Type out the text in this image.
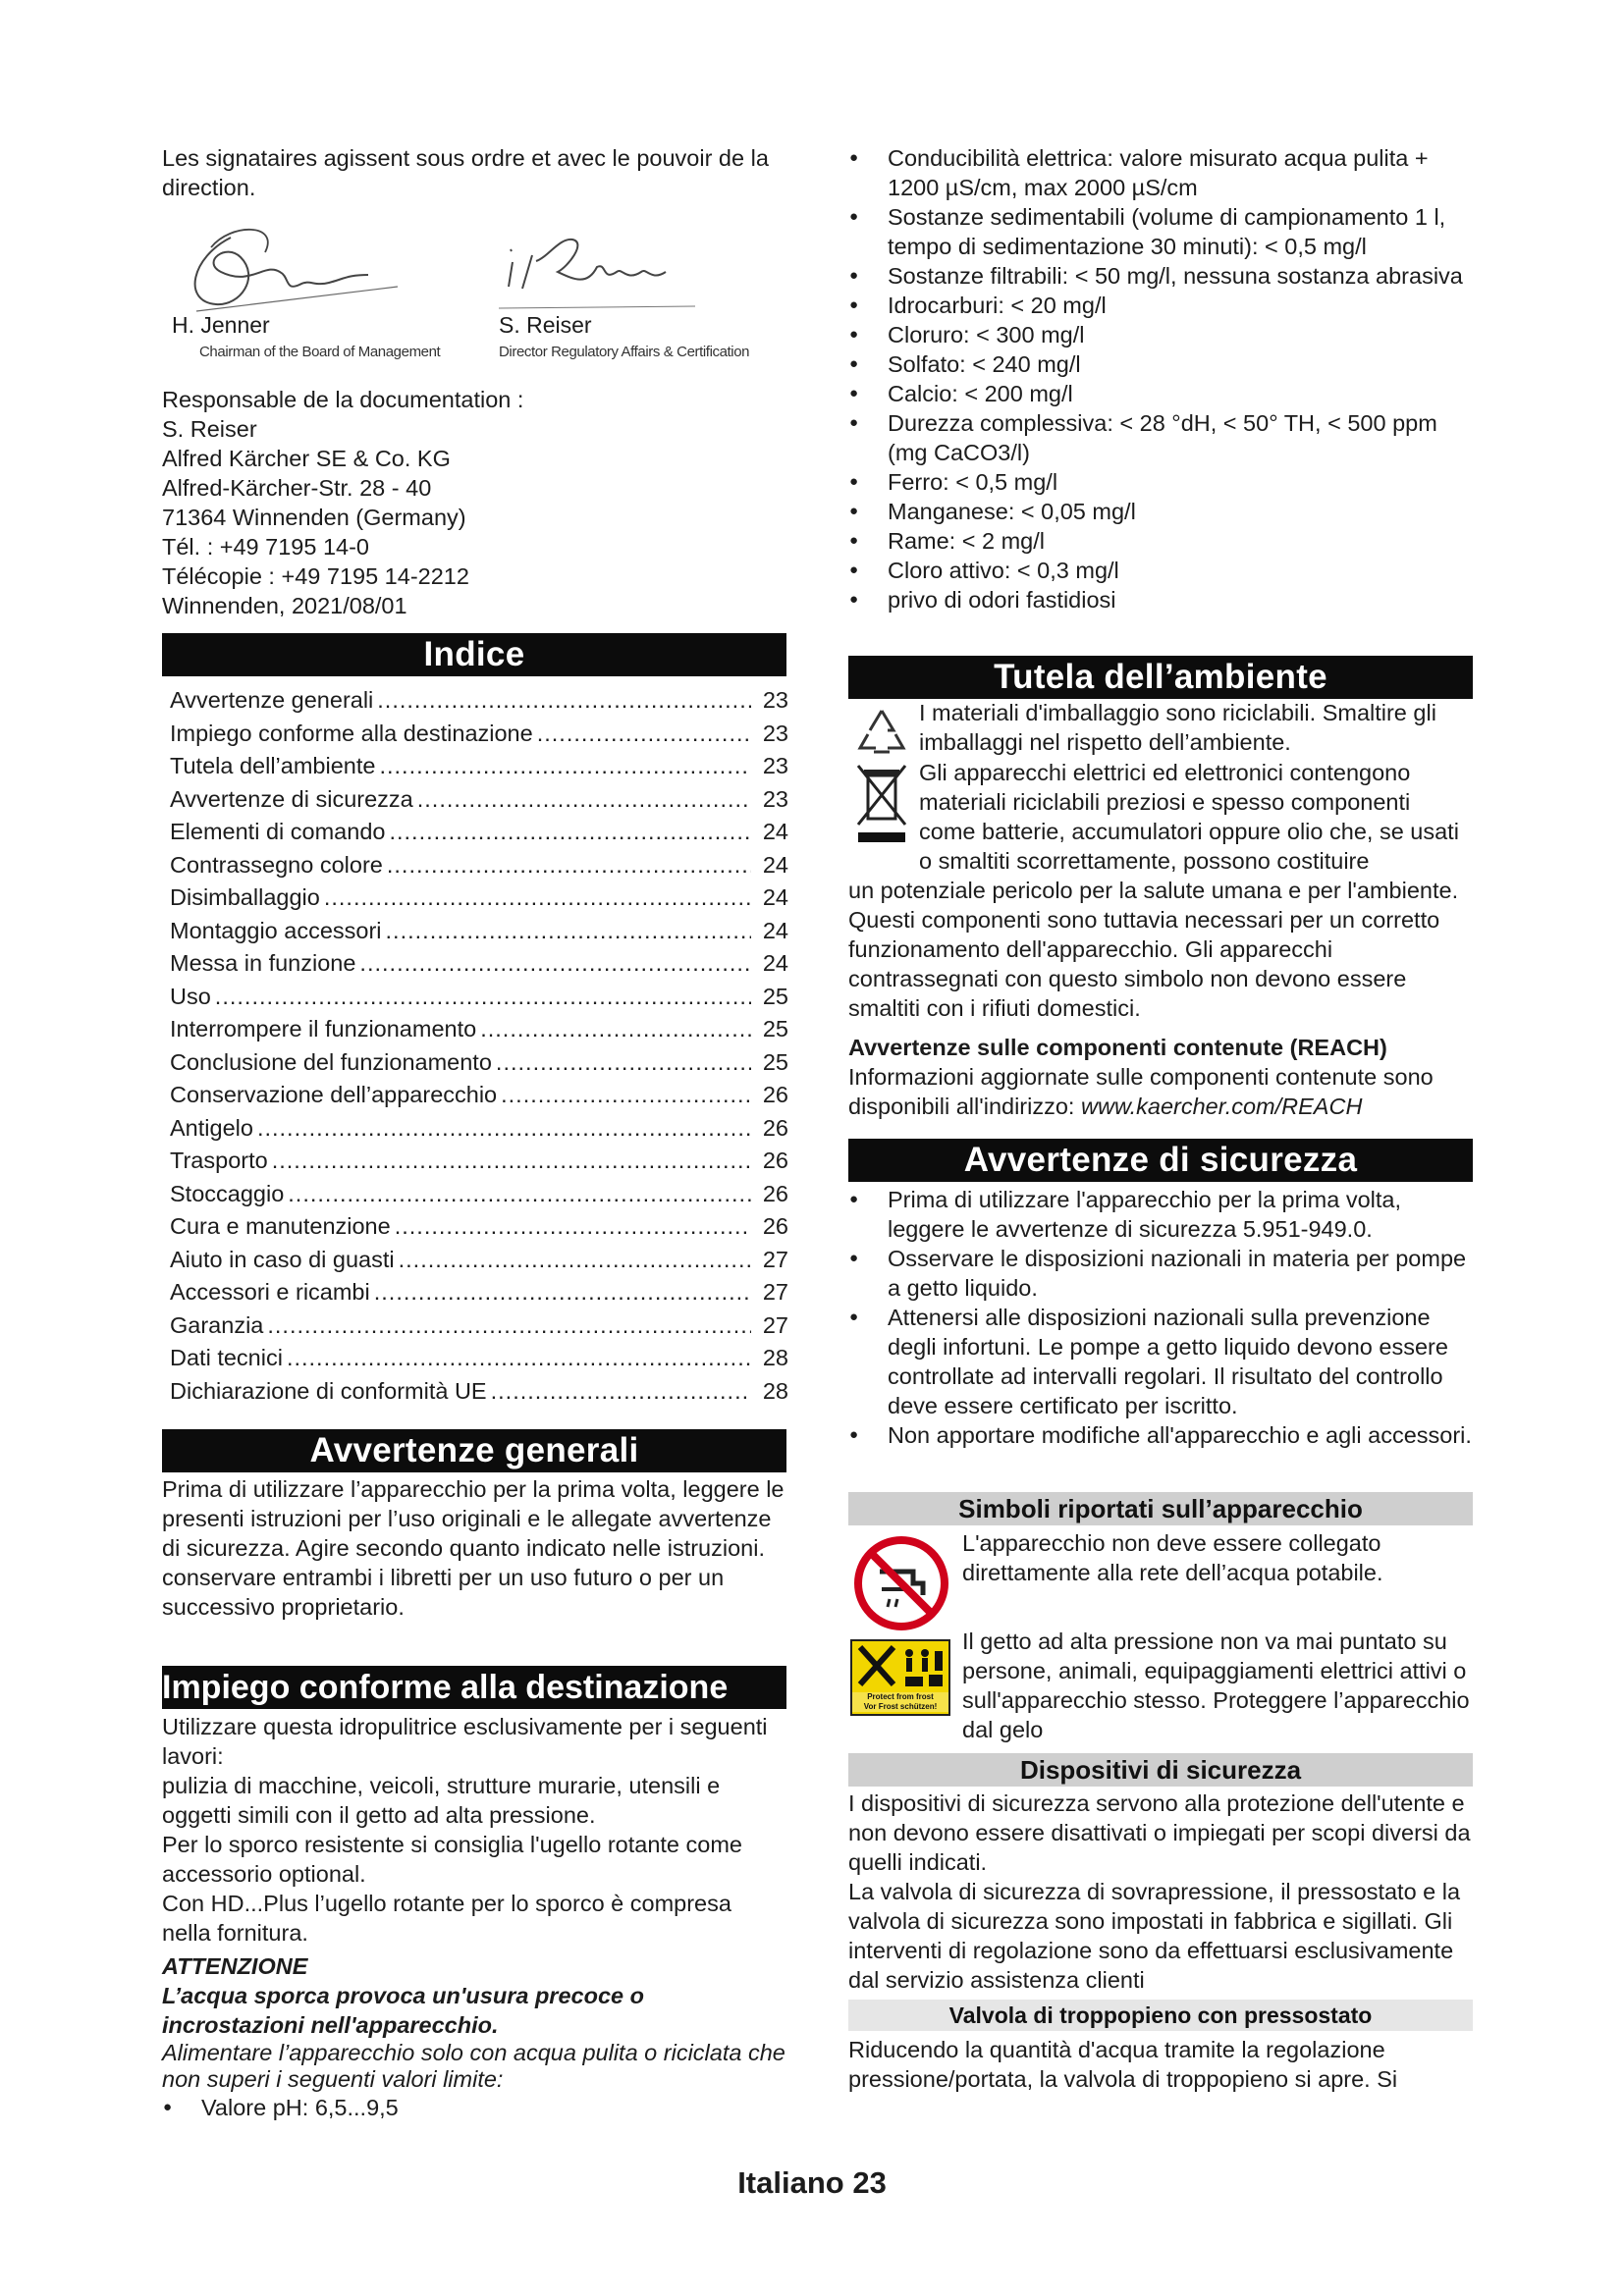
Les signataires agissent sous ordre et avec le pouvoir de la direction.

H. Jenner
Chairman of the Board of Management
S. Reiser
Director Regulatory Affairs & Certification

Responsable de la documentation :

S. Reiser

Alfred Kärcher SE & Co. KG

Alfred-Kärcher-Str. 28 - 40

71364 Winnenden (Germany)

Tél. : +49 7195 14-0

Télécopie : +49 7195 14-2212

Winnenden, 2021/08/01

Indice
Avvertenze generali .....	23
Impiego conforme alla destinazione .....	23
Tutela dell’ambiente .....	23
Avvertenze di sicurezza .....	23
Elementi di comando .....	24
Contrassegno colore .....	24
Disimballaggio .....	24
Montaggio accessori .....	24
Messa in funzione .....	24
Uso .....	25
Interrompere il funzionamento .....	25
Conclusione del funzionamento .....	25
Conservazione dell’apparecchio .....	26
Antigelo .....	26
Trasporto .....	26
Stoccaggio .....	26
Cura e manutenzione .....	26
Aiuto in caso di guasti .....	27
Accessori e ricambi .....	27
Garanzia .....	27
Dati tecnici .....	28
Dichiarazione di conformità UE .....	28
Avvertenze generali

Prima di utilizzare l’apparecchio per la prima volta, leggere le presenti istruzioni per l’uso originali e le allegate avvertenze di sicurezza. Agire secondo quanto indicato nelle istruzioni.

conservare entrambi i libretti per un uso futuro o per un successivo proprietario.

Impiego conforme alla destinazione

Utilizzare questa idropulitrice esclusivamente per i seguenti lavori:

pulizia di macchine, veicoli, strutture murarie, utensili e oggetti simili con il getto ad alta pressione.

Per lo sporco resistente si consiglia l'ugello rotante come accessorio optional.

Con HD...Plus l’ugello rotante per lo sporco è compresa nella fornitura.

ATTENZIONE

L’acqua sporca provoca un'usura precoce o incrostazioni nell'apparecchio.

Alimentare l’apparecchio solo con acqua pulita o riciclata che non superi i seguenti valori limite:

● Valore pH: 6,5...9,5
● Conducibilità elettrica: valore misurato acqua pulita + 1200 µS/cm, max 2000 µS/cm
● Sostanze sedimentabili (volume di campionamento 1 l, tempo di sedimentazione 30 minuti): < 0,5 mg/l
● Sostanze filtrabili: < 50 mg/l, nessuna sostanza abrasiva
● Idrocarburi: < 20 mg/l
● Cloruro: < 300 mg/l
● Solfato: < 240 mg/l
● Calcio: < 200 mg/l
● Durezza complessiva: < 28 °dH, < 50° TH, < 500 ppm (mg CaCO3/l)
● Ferro: < 0,5 mg/l
● Manganese: < 0,05 mg/l
● Rame: < 2 mg/l
● Cloro attivo: < 0,3 mg/l
● privo di odori fastidiosi
Tutela dell’ambiente

I materiali d'imballaggio sono riciclabili. Smaltire gli imballaggi nel rispetto dell’ambiente.

Gli apparecchi elettrici ed elettronici contengono materiali riciclabili preziosi e spesso componenti come batterie, accumulatori oppure olio che, se usati o smaltiti scorrettamente, possono costituire

un potenziale pericolo per la salute umana e per l'ambiente. Questi componenti sono tuttavia necessari per un corretto funzionamento dell'apparecchio. Gli apparecchi contrassegnati con questo simbolo non devono essere smaltiti con i rifiuti domestici.

Avvertenze sulle componenti contenute (REACH)

Informazioni aggiornate sulle componenti contenute sono disponibili all'indirizzo: www.kaercher.com/REACH

Avvertenze di sicurezza
● Prima di utilizzare l'apparecchio per la prima volta, leggere le avvertenze di sicurezza 5.951-949.0.
● Osservare le disposizioni nazionali in materia per pompe a getto liquido.
● Attenersi alle disposizioni nazionali sulla prevenzione degli infortuni. Le pompe a getto liquido devono essere controllate ad intervalli regolari. Il risultato del controllo deve essere certificato per iscritto.
● Non apportare modifiche all'apparecchio e agli accessori.
Simboli riportati sull’apparecchio

L'apparecchio non deve essere collegato direttamente alla rete dell’acqua potabile.

Protect from frost
Vor Frost schützen!

Il getto ad alta pressione non va mai puntato su persone, animali, equipaggiamenti elettrici attivi o sull'apparecchio stesso. Proteggere l’apparecchio dal gelo

Dispositivi di sicurezza

I dispositivi di sicurezza servono alla protezione dell'utente e non devono essere disattivati o impiegati per scopi diversi da quelli indicati.

La valvola di sicurezza di sovrapressione, il pressostato e la valvola di sicurezza sono impostati in fabbrica e sigillati. Gli interventi di regolazione sono da effettuarsi esclusivamente dal servizio assistenza clienti

Valvola di troppopieno con pressostato

Riducendo la quantità d'acqua tramite la regolazione pressione/portata, la valvola di troppopieno si apre. Si

Italiano 23
